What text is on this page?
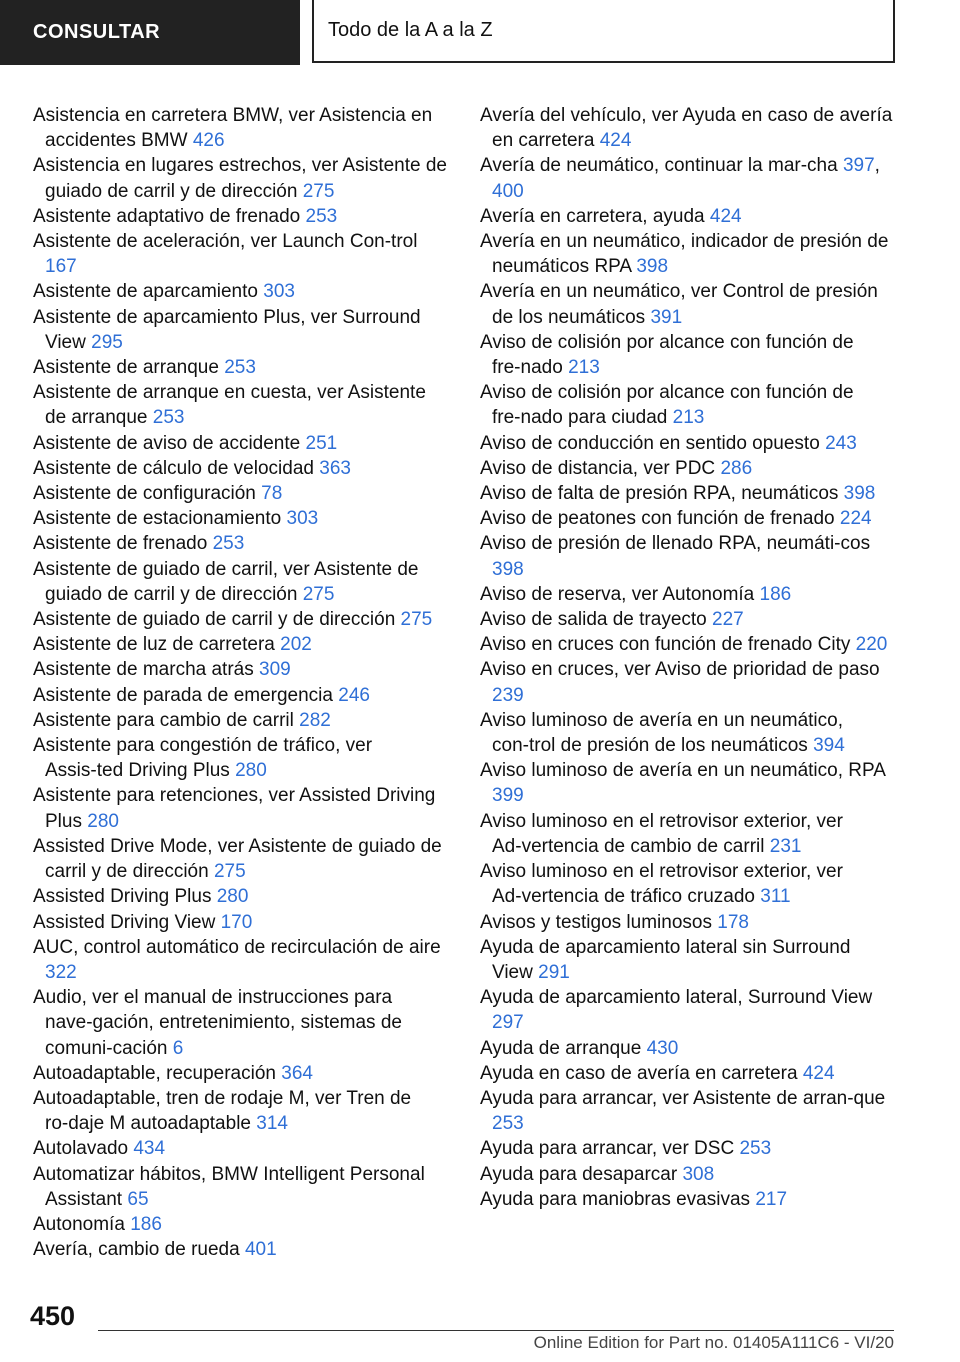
CONSULTAR	Todo de la A a la Z
Asistencia en carretera BMW, ver Asistencia en accidentes BMW 426
Asistencia en lugares estrechos, ver Asistente de guiado de carril y de dirección 275
Asistente adaptativo de frenado 253
Asistente de aceleración, ver Launch Con‑trol 167
Asistente de aparcamiento 303
Asistente de aparcamiento Plus, ver Surround View 295
Asistente de arranque 253
Asistente de arranque en cuesta, ver Asistente de arranque 253
Asistente de aviso de accidente 251
Asistente de cálculo de velocidad 363
Asistente de configuración 78
Asistente de estacionamiento 303
Asistente de frenado 253
Asistente de guiado de carril, ver Asistente de guiado de carril y de dirección 275
Asistente de guiado de carril y de dirección 275
Asistente de luz de carretera 202
Asistente de marcha atrás 309
Asistente de parada de emergencia 246
Asistente para cambio de carril 282
Asistente para congestión de tráfico, ver Assis‑ted Driving Plus 280
Asistente para retenciones, ver Assisted Driving Plus 280
Assisted Drive Mode, ver Asistente de guiado de carril y de dirección 275
Assisted Driving Plus 280
Assisted Driving View 170
AUC, control automático de recirculación de aire 322
Audio, ver el manual de instrucciones para nave‑gación, entretenimiento, sistemas de comuni‑cación 6
Autoadaptable, recuperación 364
Autoadaptable, tren de rodaje M, ver Tren de ro‑daje M autoadaptable 314
Autolavado 434
Automatizar hábitos, BMW Intelligent Personal Assistant 65
Autonomía 186
Avería, cambio de rueda 401
Avería del vehículo, ver Ayuda en caso de avería en carretera 424
Avería de neumático, continuar la mar‑cha 397, 400
Avería en carretera, ayuda 424
Avería en un neumático, indicador de presión de neumáticos RPA 398
Avería en un neumático, ver Control de presión de los neumáticos 391
Aviso de colisión por alcance con función de fre‑nado 213
Aviso de colisión por alcance con función de fre‑nado para ciudad 213
Aviso de conducción en sentido opuesto 243
Aviso de distancia, ver PDC 286
Aviso de falta de presión RPA, neumáticos 398
Aviso de peatones con función de frenado 224
Aviso de presión de llenado RPA, neumáti‑cos 398
Aviso de reserva, ver Autonomía 186
Aviso de salida de trayecto 227
Aviso en cruces con función de frenado City 220
Aviso en cruces, ver Aviso de prioridad de paso 239
Aviso luminoso de avería en un neumático, con‑trol de presión de los neumáticos 394
Aviso luminoso de avería en un neumático, RPA 399
Aviso luminoso en el retrovisor exterior, ver Ad‑vertencia de cambio de carril 231
Aviso luminoso en el retrovisor exterior, ver Ad‑vertencia de tráfico cruzado 311
Avisos y testigos luminosos 178
Ayuda de aparcamiento lateral sin Surround View 291
Ayuda de aparcamiento lateral, Surround View 297
Ayuda de arranque 430
Ayuda en caso de avería en carretera 424
Ayuda para arrancar, ver Asistente de arran‑que 253
Ayuda para arrancar, ver DSC 253
Ayuda para desaparcar 308
Ayuda para maniobras evasivas 217
450
Online Edition for Part no. 01405A111C6 - VI/20
